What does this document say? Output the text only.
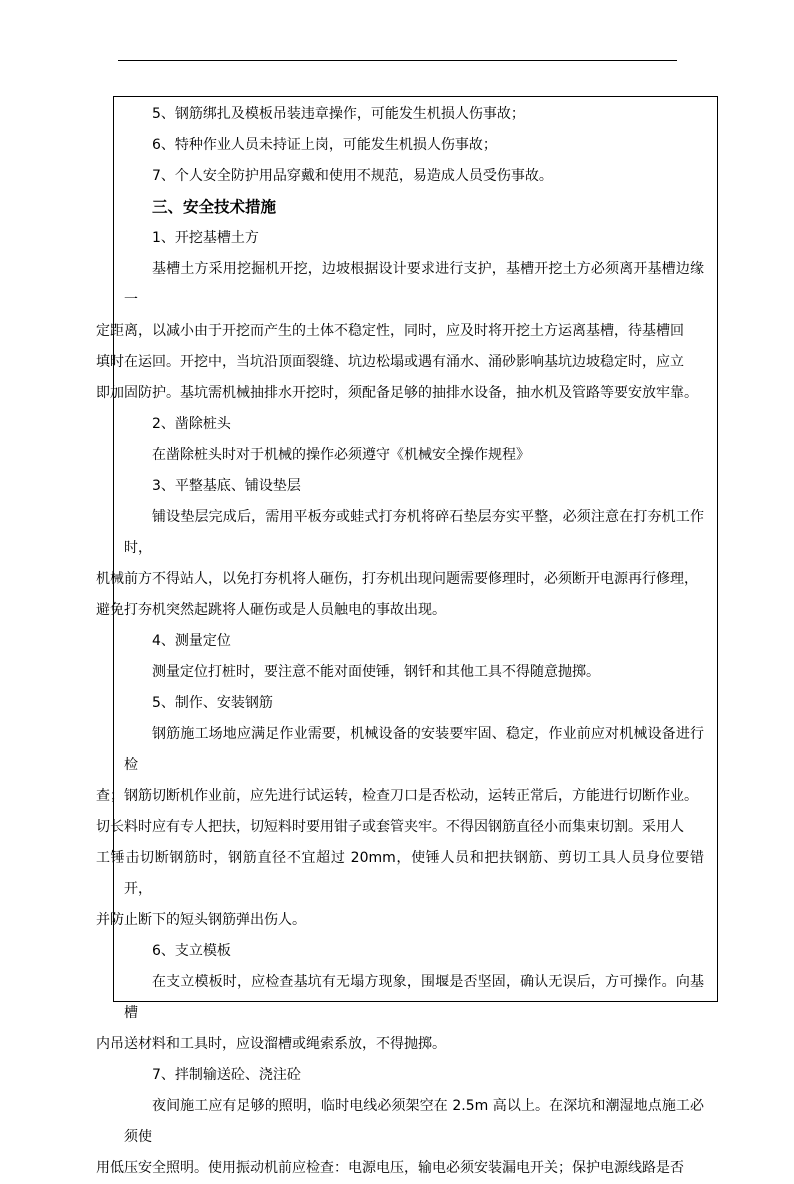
5、钢筋绑扎及模板吊装违章操作，可能发生机损人伤事故；

6、特种作业人员未持证上岗，可能发生机损人伤事故；

7、个人安全防护用品穿戴和使用不规范，易造成人员受伤事故。

三、安全技术措施

1、开挖基槽土方

基槽土方采用挖掘机开挖，边坡根据设计要求进行支护，基槽开挖土方必须离开基槽边缘一
定距离，以减小由于开挖而产生的土体不稳定性，同时，应及时将开挖土方运离基槽，待基槽回
填时在运回。开挖中，当坑沿顶面裂缝、坑边松塌或遇有涌水、涌砂影响基坑边坡稳定时，应立
即加固防护。基坑需机械抽排水开挖时，须配备足够的抽排水设备，抽水机及管路等要安放牢靠。

2、凿除桩头

在凿除桩头时对于机械的操作必须遵守《机械安全操作规程》

3、平整基底、铺设垫层

铺设垫层完成后，需用平板夯或蛙式打夯机将碎石垫层夯实平整，必须注意在打夯机工作时，
机械前方不得站人，以免打夯机将人砸伤，打夯机出现问题需要修理时，必须断开电源再行修理，
避免打夯机突然起跳将人砸伤或是人员触电的事故出现。

4、测量定位

测量定位打桩时，要注意不能对面使锤，钢钎和其他工具不得随意抛掷。

5、制作、安装钢筋

钢筋施工场地应满足作业需要，机械设备的安装要牢固、稳定，作业前应对机械设备进行检
查；钢筋切断机作业前，应先进行试运转，检查刀口是否松动，运转正常后，方能进行切断作业。
切长料时应有专人把扶，切短料时要用钳子或套管夹牢。不得因钢筋直径小而集束切割。采用人
工锤击切断钢筋时，钢筋直径不宜超过 20mm，使锤人员和把扶钢筋、剪切工具人员身位要错开，
并防止断下的短头钢筋弹出伤人。

6、支立模板

在支立模板时，应检查基坑有无塌方现象，围堰是否坚固，确认无误后，方可操作。向基槽
内吊送材料和工具时，应设溜槽或绳索系放，不得抛掷。

7、拌制输送砼、浇注砼

夜间施工应有足够的照明，临时电线必须架空在 2.5m 高以上。在深坑和潮湿地点施工必须使
用低压安全照明。使用振动机前应检查：电源电压，输电必须安装漏电开关；保护电源线路是否
